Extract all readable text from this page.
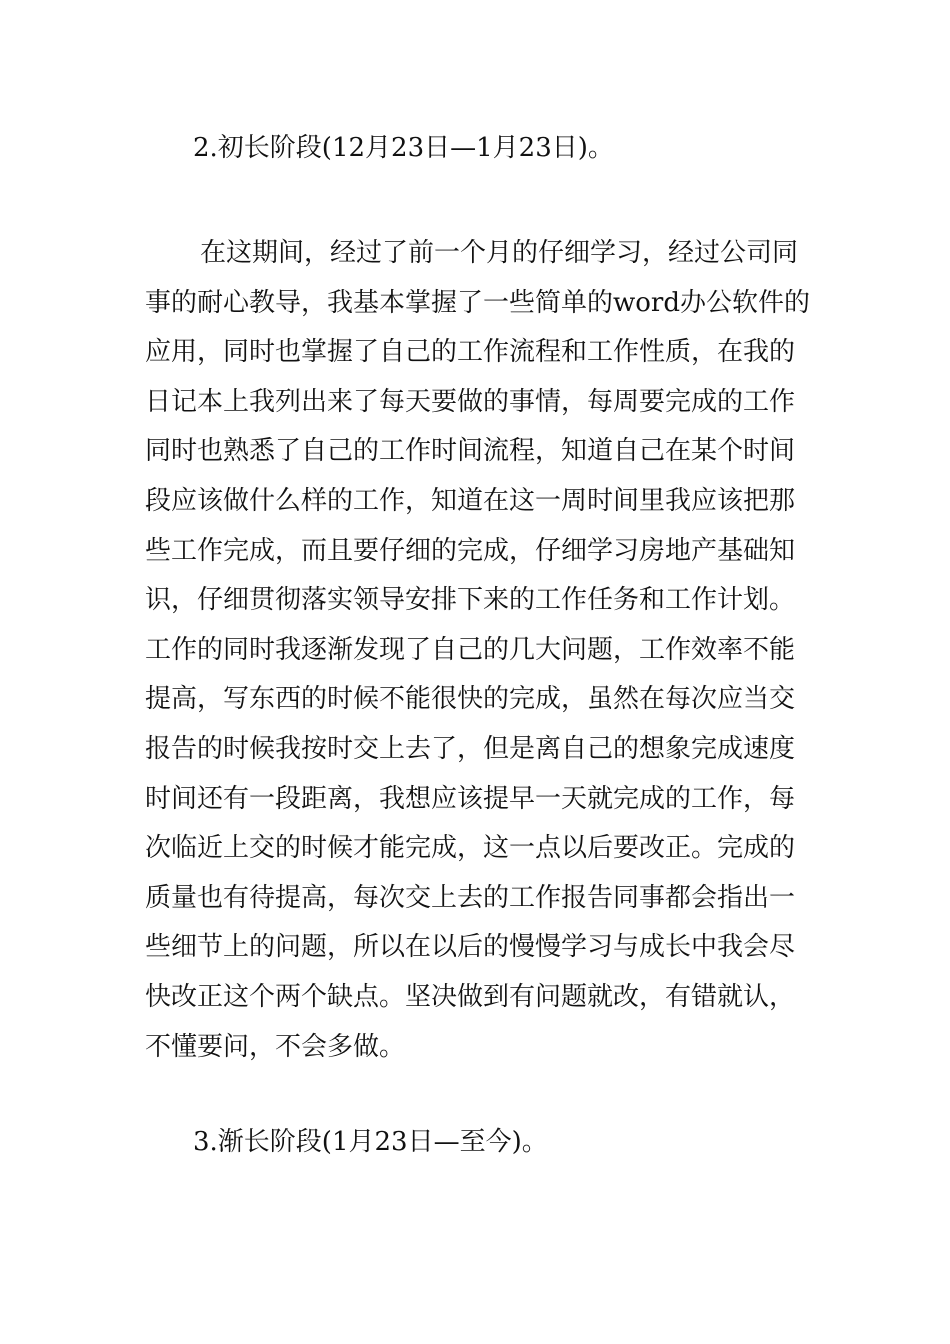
2.初长阶段(12月23日—1月23日)。

在这期间，经过了前一个月的仔细学习，经过公司同
事的耐心教导，我基本掌握了一些简单的word办公软件的
应用，同时也掌握了自己的工作流程和工作性质，在我的
日记本上我列出来了每天要做的事情，每周要完成的工作
同时也熟悉了自己的工作时间流程，知道自己在某个时间
段应该做什么样的工作，知道在这一周时间里我应该把那
些工作完成，而且要仔细的完成，仔细学习房地产基础知
识，仔细贯彻落实领导安排下来的工作任务和工作计划。
工作的同时我逐渐发现了自己的几大问题，工作效率不能
提高，写东西的时候不能很快的完成，虽然在每次应当交
报告的时候我按时交上去了，但是离自己的想象完成速度
时间还有一段距离，我想应该提早一天就完成的工作，每
次临近上交的时候才能完成，这一点以后要改正。完成的
质量也有待提高，每次交上去的工作报告同事都会指出一
些细节上的问题，所以在以后的慢慢学习与成长中我会尽
快改正这个两个缺点。坚决做到有问题就改，有错就认，
不懂要问，不会多做。

3.渐长阶段(1月23日—至今)。
